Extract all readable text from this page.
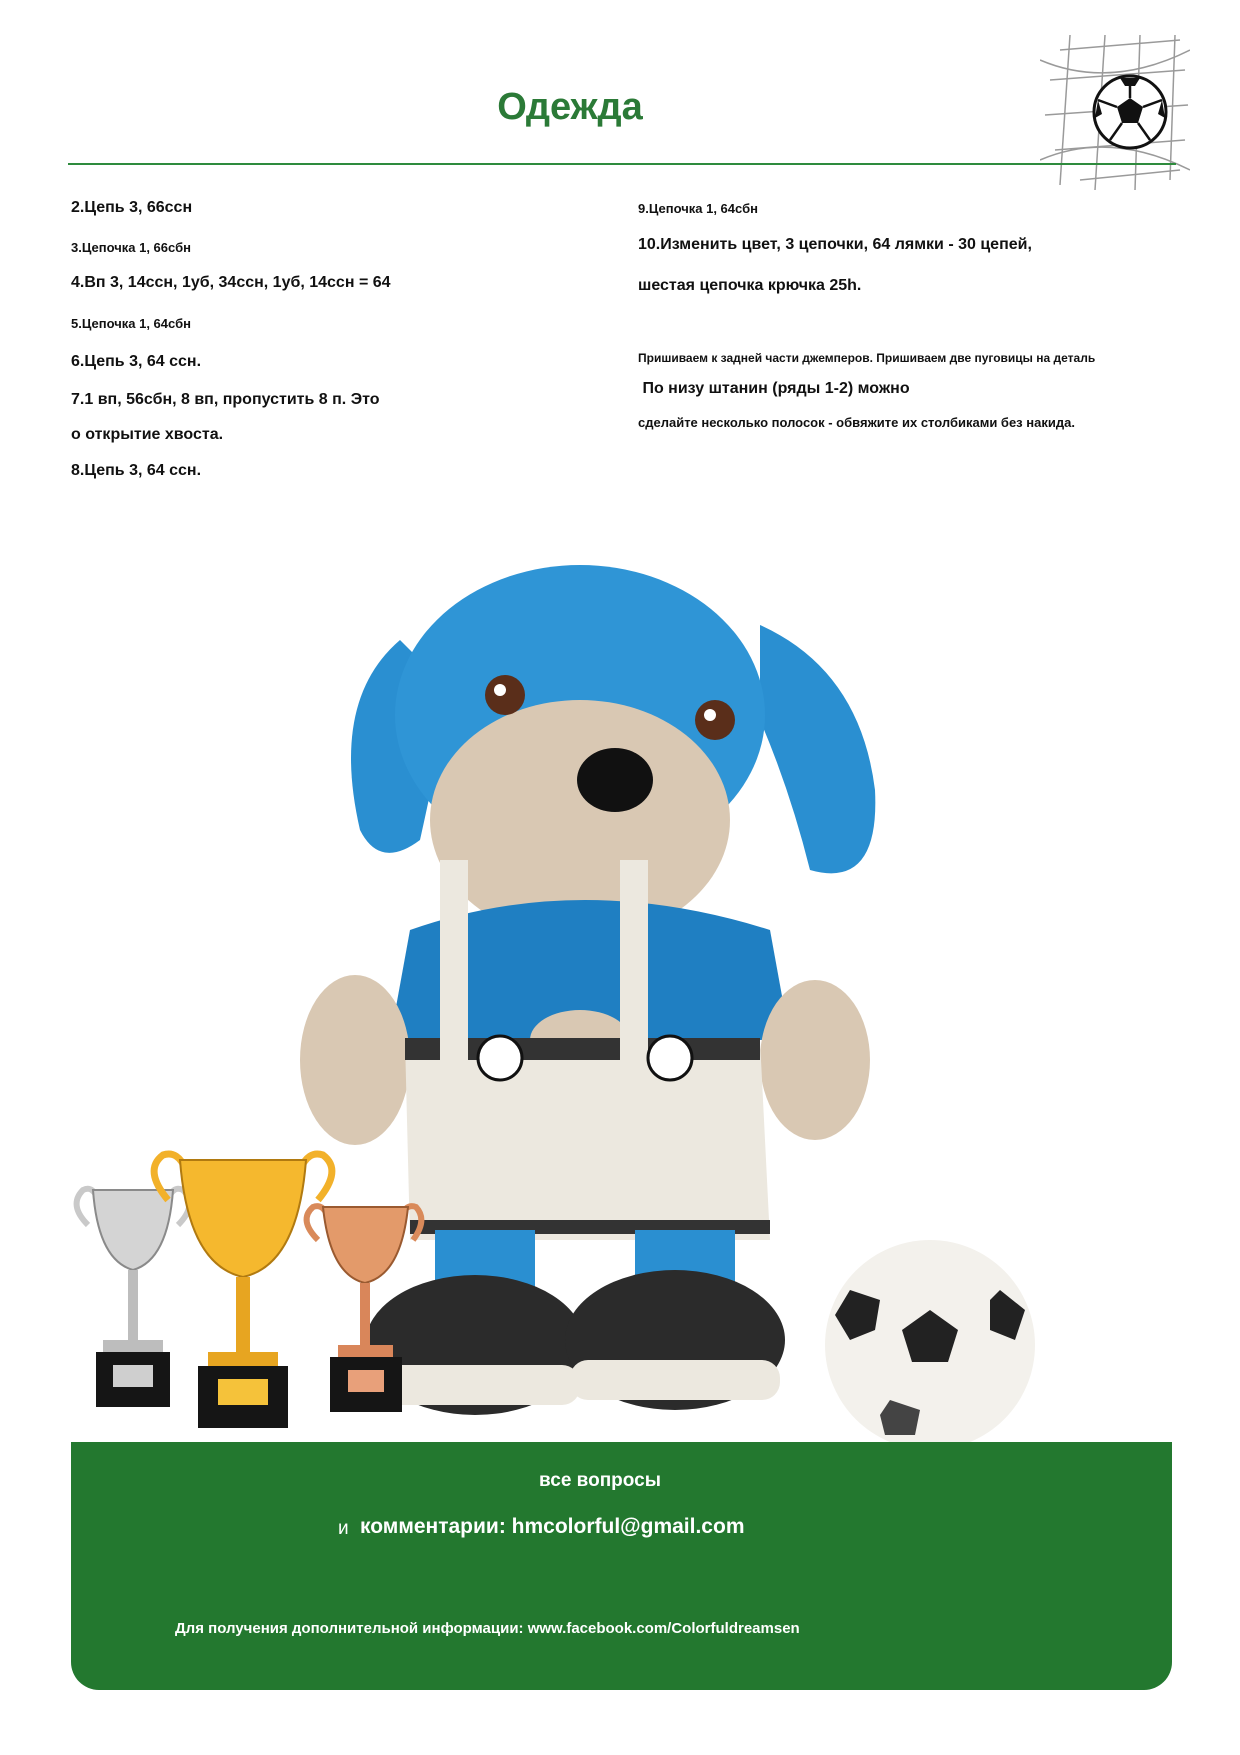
Одежда
2.Цепь 3, 66ссн
3.Цепочка 1, 66сбн
4.Вп 3, 14ссн, 1уб, 34ссн, 1уб, 14ссн = 64
5.Цепочка 1, 64сбн
6.Цепь 3, 64 ссн.
7.1 вп, 56сбн, 8 вп, пропустить 8 п. Это
о открытие хвоста.
8.Цепь 3, 64 ссн.
9.Цепочка 1, 64сбн
10.Изменить цвет, 3 цепочки, 64 лямки - 30 цепей,
шестая цепочка крючка 25h.
Пришиваем к задней части джемперов. Пришиваем две пуговицы на деталь
По низу штанин (ряды 1-2) можно
сделайте несколько полосок - обвяжите их столбиками без накида.
все вопросы
и комментарии: hmcolorful@gmail.com
Для получения дополнительной информации: www.facebook.com/Colorfuldreamsen
